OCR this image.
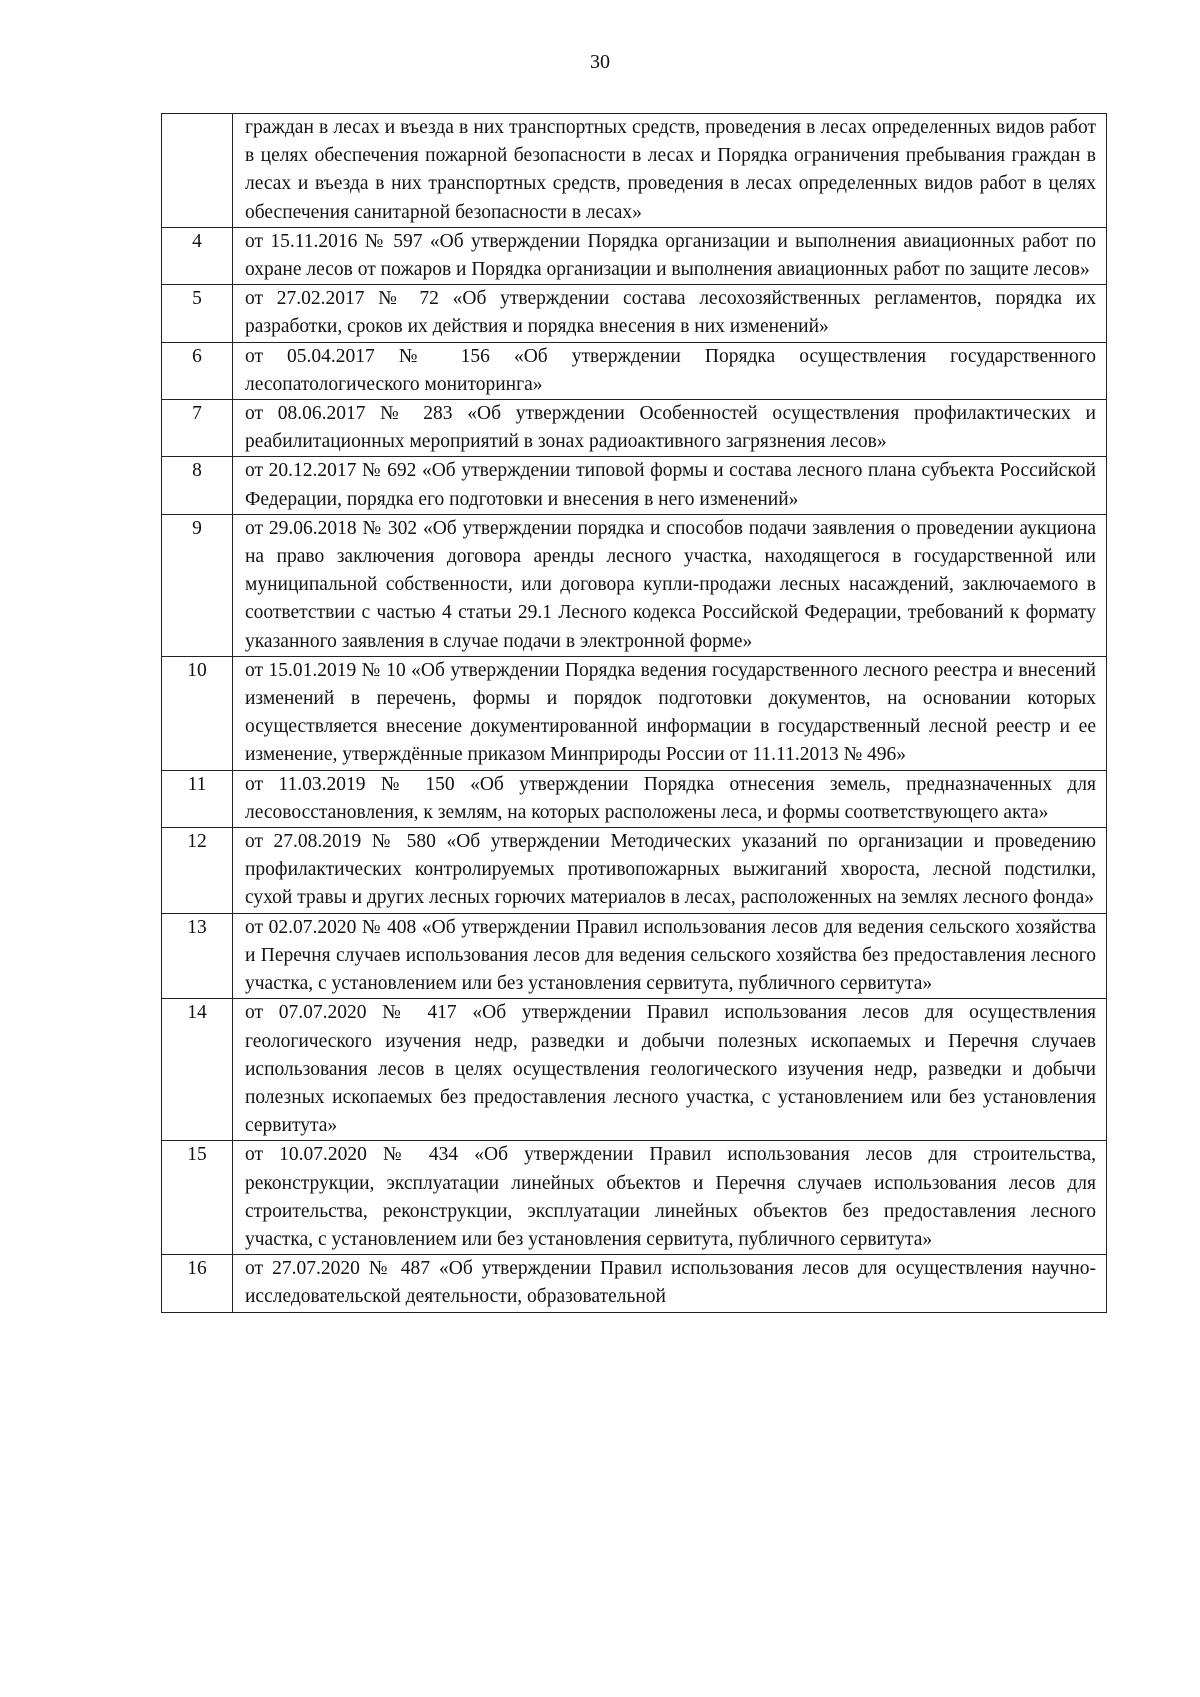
30
	граждан в лесах и въезда в них транспортных средств, проведения в лесах определенных видов работ в целях обеспечения пожарной безопасности в лесах и Порядка ограничения пребывания граждан в лесах и въезда в них транспортных средств, проведения в лесах определенных видов работ в целях обеспечения санитарной безопасности в лесах»
4	от 15.11.2016 № 597 «Об утверждении Порядка организации и выполнения авиационных работ по охране лесов от пожаров и Порядка организации и выполнения авиационных работ по защите лесов»
5	от 27.02.2017 № 72 «Об утверждении состава лесохозяйственных регламентов, порядка их разработки, сроков их действия и порядка внесения в них изменений»
6	от 05.04.2017 № 156 «Об утверждении Порядка осуществления государственного лесопатологического мониторинга»
7	от 08.06.2017 № 283 «Об утверждении Особенностей осуществления профилактических и реабилитационных мероприятий в зонах радиоактивного загрязнения лесов»
8	от 20.12.2017 № 692 «Об утверждении типовой формы и состава лесного плана субъекта Российской Федерации, порядка его подготовки и внесения в него изменений»
9	от 29.06.2018 № 302 «Об утверждении порядка и способов подачи заявления о проведении аукциона на право заключения договора аренды лесного участка, находящегося в государственной или муниципальной собственности, или договора купли-продажи лесных насаждений, заключаемого в соответствии с частью 4 статьи 29.1 Лесного кодекса Российской Федерации, требований к формату указанного заявления в случае подачи в электронной форме»
10	от 15.01.2019 № 10 «Об утверждении Порядка ведения государственного лесного реестра и внесений изменений в перечень, формы и порядок подготовки документов, на основании которых осуществляется внесение документированной информации в государственный лесной реестр и ее изменение, утверждённые приказом Минприроды России от 11.11.2013 № 496»
11	от 11.03.2019 № 150 «Об утверждении Порядка отнесения земель, предназначенных для лесовосстановления, к землям, на которых расположены леса, и формы соответствующего акта»
12	от 27.08.2019 № 580 «Об утверждении Методических указаний по организации и проведению профилактических контролируемых противопожарных выжиганий хвороста, лесной подстилки, сухой травы и других лесных горючих материалов в лесах, расположенных на землях лесного фонда»
13	от 02.07.2020 № 408 «Об утверждении Правил использования лесов для ведения сельского хозяйства и Перечня случаев использования лесов для ведения сельского хозяйства без предоставления лесного участка, с установлением или без установления сервитута, публичного сервитута»
14	от 07.07.2020 № 417 «Об утверждении Правил использования лесов для осуществления геологического изучения недр, разведки и добычи полезных ископаемых и Перечня случаев использования лесов в целях осуществления геологического изучения недр, разведки и добычи полезных ископаемых без предоставления лесного участка, с установлением или без установления сервитута»
15	от 10.07.2020 № 434 «Об утверждении Правил использования лесов для строительства, реконструкции, эксплуатации линейных объектов и Перечня случаев использования лесов для строительства, реконструкции, эксплуатации линейных объектов без предоставления лесного участка, с установлением или без установления сервитута, публичного сервитута»
16	от 27.07.2020 № 487 «Об утверждении Правил использования лесов для осуществления научно-исследовательской деятельности, образовательной
